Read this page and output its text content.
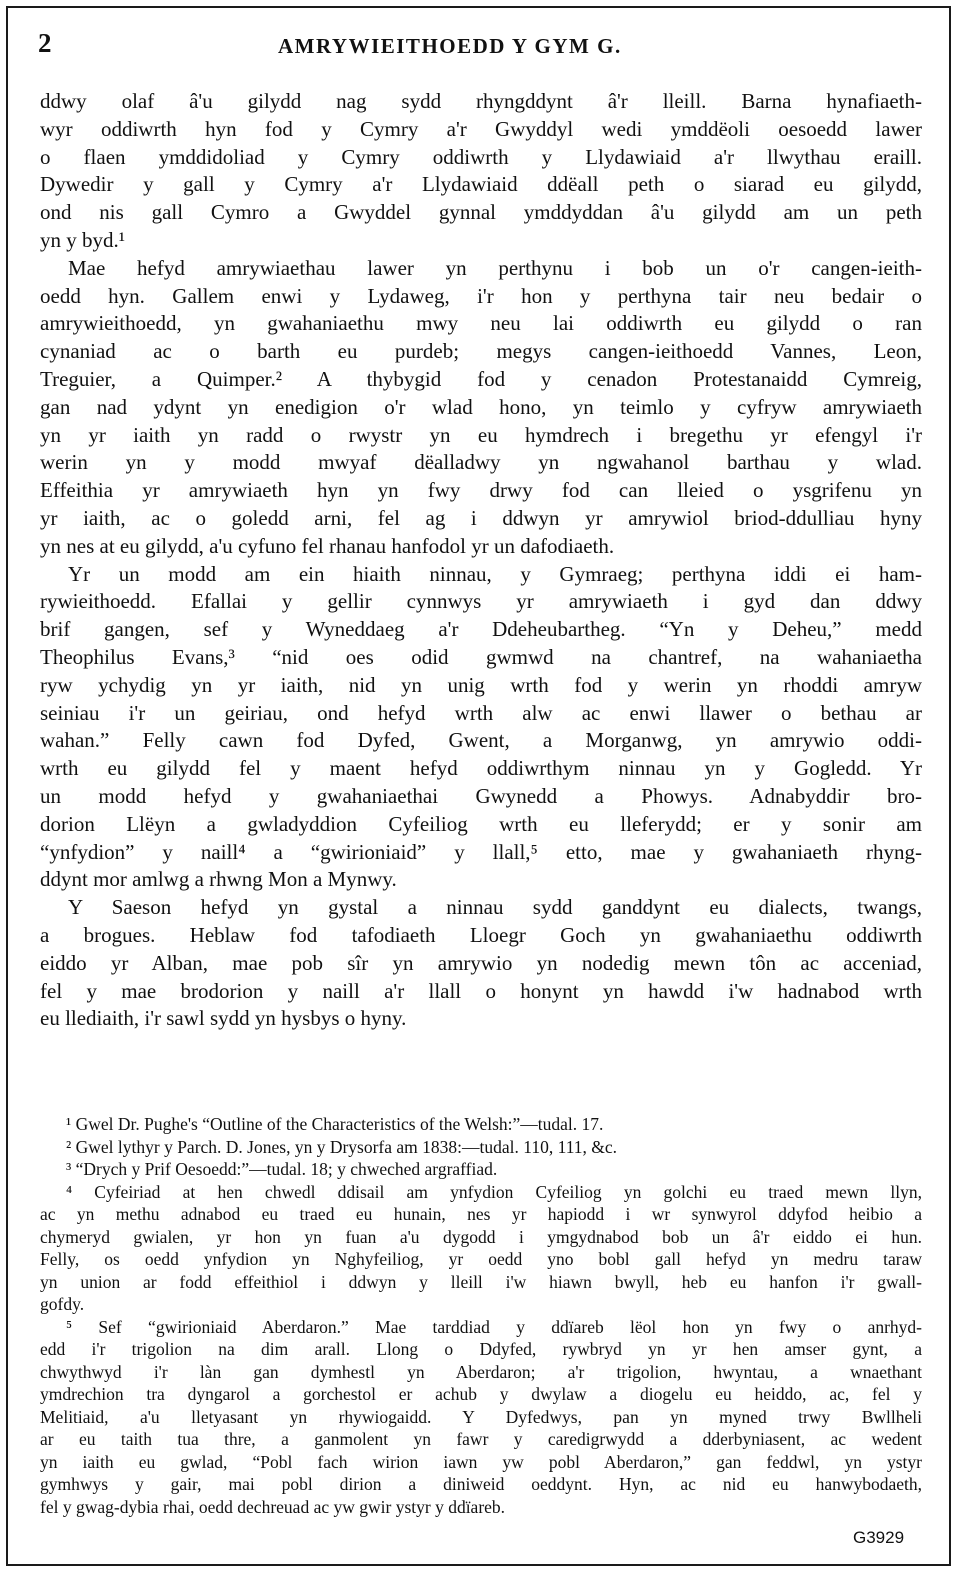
2	AMRYWIEITHOEDD Y GYM G.
ddwy olaf â'u gilydd nag sydd rhyngddynt â'r lleill. Barna hynafiaeth-
wyr oddiwrth hyn fod y Cymry a'r Gwyddyl wedi ymddëoli oesoedd lawer
o flaen ymddidoliad y Cymry oddiwrth y Llydawiaid a'r llwythau eraill.
Dywedir y gall y Cymry a'r Llydawiaid ddëall peth o siarad eu gilydd,
ond nis gall Cymro a Gwyddel gynnal ymddyddan â'u gilydd am un peth
yn y byd.¹
Mae hefyd amrywiaethau lawer yn perthynu i bob un o'r cangen-ieith-
oedd hyn. Gallem enwi y Lydaweg, i'r hon y perthyna tair neu bedair o
amrywieithoedd, yn gwahaniaethu mwy neu lai oddiwrth eu gilydd o ran
cynaniad ac o barth eu purdeb; megys cangen-ieithoedd Vannes, Leon,
Treguier, a Quimper.² A thybygid fod y cenadon Protestanaidd Cymreig,
gan nad ydynt yn enedigion o'r wlad hono, yn teimlo y cyfryw amrywiaeth
yn yr iaith yn radd o rwystr yn eu hymdrech i bregethu yr efengyl i'r
werin yn y modd mwyaf dëalladwy yn ngwahanol barthau y wlad.
Effeithia yr amrywiaeth hyn yn fwy drwy fod can lleied o ysgrifenu yn
yr iaith, ac o goledd arni, fel ag i ddwyn yr amrywiol briod-ddulliau hyny
yn nes at eu gilydd, a'u cyfuno fel rhanau hanfodol yr un dafodiaeth.
Yr un modd am ein hiaith ninnau, y Gymraeg; perthyna iddi ei ham-
rywieithoedd. Efallai y gellir cynnwys yr amrywiaeth i gyd dan ddwy
brif gangen, sef y Wyneddaeg a'r Ddeheubartheg. “Yn y Deheu,” medd
Theophilus Evans,³ “nid oes odid gwmwd na chantref, na wahaniaetha
ryw ychydig yn yr iaith, nid yn unig wrth fod y werin yn rhoddi amryw
seiniau i'r un geiriau, ond hefyd wrth alw ac enwi llawer o bethau ar
wahan.” Felly cawn fod Dyfed, Gwent, a Morganwg, yn amrywio oddi-
wrth eu gilydd fel y maent hefyd oddiwrthym ninnau yn y Gogledd. Yr
un modd hefyd y gwahaniaethai Gwynedd a Phowys. Adnabyddir bro-
dorion Llëyn a gwladyddion Cyfeiliog wrth eu lleferydd; er y sonir am
“ynfydion” y naill⁴ a “gwirioniaid” y llall,⁵ etto, mae y gwahaniaeth rhyng-
ddynt mor amlwg a rhwng Mon a Mynwy.
Y Saeson hefyd yn gystal a ninnau sydd ganddynt eu dialects, twangs,
a brogues. Heblaw fod tafodiaeth Lloegr Goch yn gwahaniaethu oddiwrth
eiddo yr Alban, mae pob sîr yn amrywio yn nodedig mewn tôn ac acceniad,
fel y mae brodorion y naill a'r llall o honynt yn hawdd i'w hadnabod wrth
eu llediaith, i'r sawl sydd yn hysbys o hyny.
¹ Gwel Dr. Pughe's “Outline of the Characteristics of the Welsh:”—tudal. 17.
² Gwel lythyr y Parch. D. Jones, yn y Drysorfa am 1838:—tudal. 110, 111, &c.
³ “Drych y Prif Oesoedd:”—tudal. 18; y chweched argraffiad.
⁴ Cyfeiriad at hen chwedl ddisail am ynfydion Cyfeiliog yn golchi eu traed mewn llyn,
ac yn methu adnabod eu traed eu hunain, nes yr hapiodd i wr synwyrol ddyfod heibio a
chymeryd gwialen, yr hon yn fuan a'u dygodd i ymgydnabod bob un â'r eiddo ei hun.
Felly, os oedd ynfydion yn Nghyfeiliog, yr oedd yno bobl gall hefyd yn medru taraw
yn union ar fodd effeithiol i ddwyn y lleill i'w hiawn bwyll, heb eu hanfon i'r gwall-
gofdy.
⁵ Sef “gwirioniaid Aberdaron.” Mae tarddiad y ddïareb lëol hon yn fwy o anrhyd-
edd i'r trigolion na dim arall. Llong o Ddyfed, rywbryd yn yr hen amser gynt, a
chwythwyd i'r làn gan dymhestl yn Aberdaron; a'r trigolion, hwyntau, a wnaethant
ymdrechion tra dyngarol a gorchestol er achub y dwylaw a diogelu eu heiddo, ac, fel y
Melitiaid, a'u lletyasant yn rhywiogaidd. Y Dyfedwys, pan yn myned trwy Bwllheli
ar eu taith tua thre, a ganmolent yn fawr y caredigrwydd a dderbyniasent, ac wedent
yn iaith eu gwlad, “Pobl fach wirion iawn yw pobl Aberdaron,” gan feddwl, yn ystyr
gymhwys y gair, mai pobl dirion a diniweid oeddynt. Hyn, ac nid eu hanwybodaeth,
fel y gwag-dybia rhai, oedd dechreuad ac yw gwir ystyr y ddïareb.
G3929
